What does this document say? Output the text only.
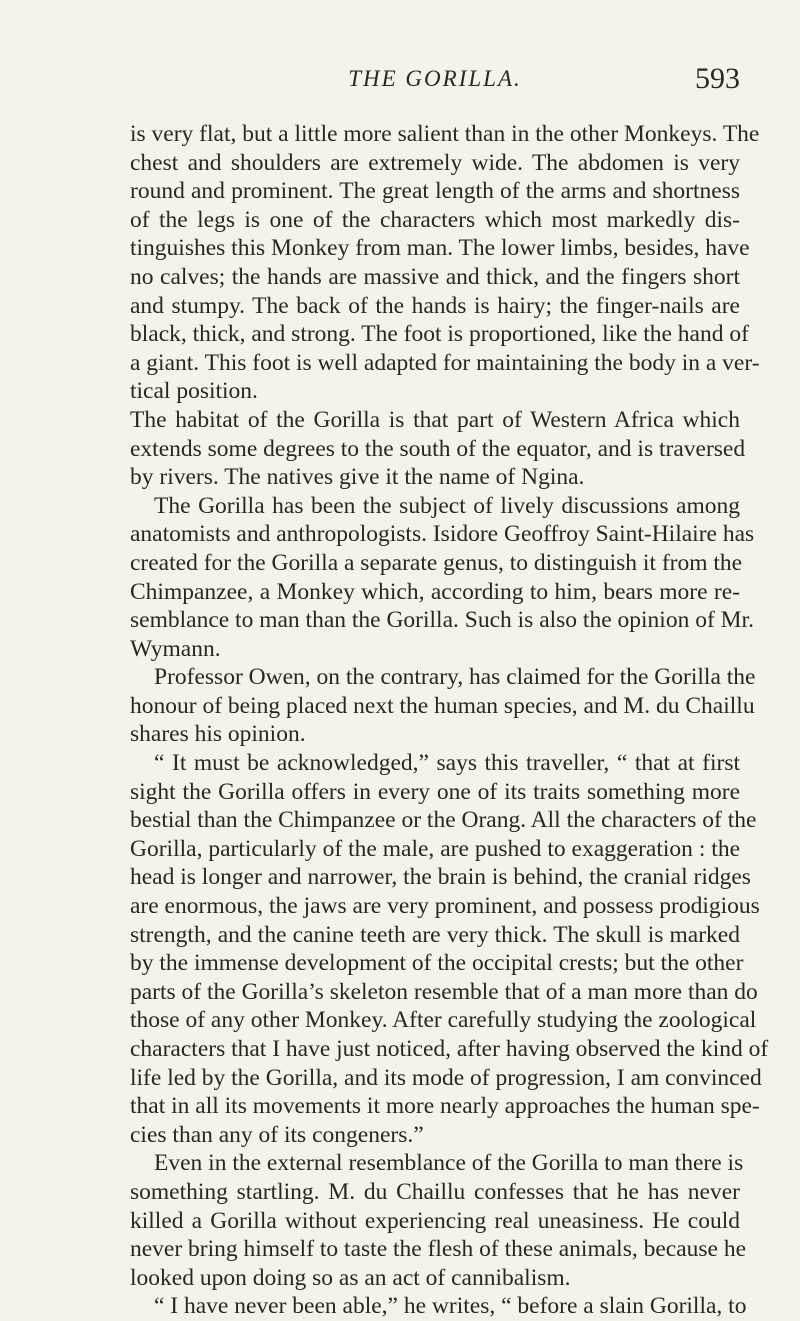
THE GORILLA.	593
is very flat, but a little more salient than in the other Monkeys. The
chest and shoulders are extremely wide. The abdomen is very
round and prominent. The great length of the arms and shortness
of the legs is one of the characters which most markedly dis-
tinguishes this Monkey from man. The lower limbs, besides, have
no calves; the hands are massive and thick, and the fingers short
and stumpy. The back of the hands is hairy; the finger-nails are
black, thick, and strong. The foot is proportioned, like the hand of
a giant. This foot is well adapted for maintaining the body in a ver-
tical position.
The habitat of the Gorilla is that part of Western Africa which
extends some degrees to the south of the equator, and is traversed
by rivers. The natives give it the name of Ngina.
The Gorilla has been the subject of lively discussions among
anatomists and anthropologists. Isidore Geoffroy Saint-Hilaire has
created for the Gorilla a separate genus, to distinguish it from the
Chimpanzee, a Monkey which, according to him, bears more re-
semblance to man than the Gorilla. Such is also the opinion of Mr.
Wymann.
Professor Owen, on the contrary, has claimed for the Gorilla the
honour of being placed next the human species, and M. du Chaillu
shares his opinion.
“ It must be acknowledged,” says this traveller, “ that at first
sight the Gorilla offers in every one of its traits something more
bestial than the Chimpanzee or the Orang. All the characters of the
Gorilla, particularly of the male, are pushed to exaggeration : the
head is longer and narrower, the brain is behind, the cranial ridges
are enormous, the jaws are very prominent, and possess prodigious
strength, and the canine teeth are very thick. The skull is marked
by the immense development of the occipital crests; but the other
parts of the Gorilla’s skeleton resemble that of a man more than do
those of any other Monkey. After carefully studying the zoological
characters that I have just noticed, after having observed the kind of
life led by the Gorilla, and its mode of progression, I am convinced
that in all its movements it more nearly approaches the human spe-
cies than any of its congeners.”
Even in the external resemblance of the Gorilla to man there is
something startling. M. du Chaillu confesses that he has never
killed a Gorilla without experiencing real uneasiness. He could
never bring himself to taste the flesh of these animals, because he
looked upon doing so as an act of cannibalism.
“ I have never been able,” he writes, “ before a slain Gorilla, to
